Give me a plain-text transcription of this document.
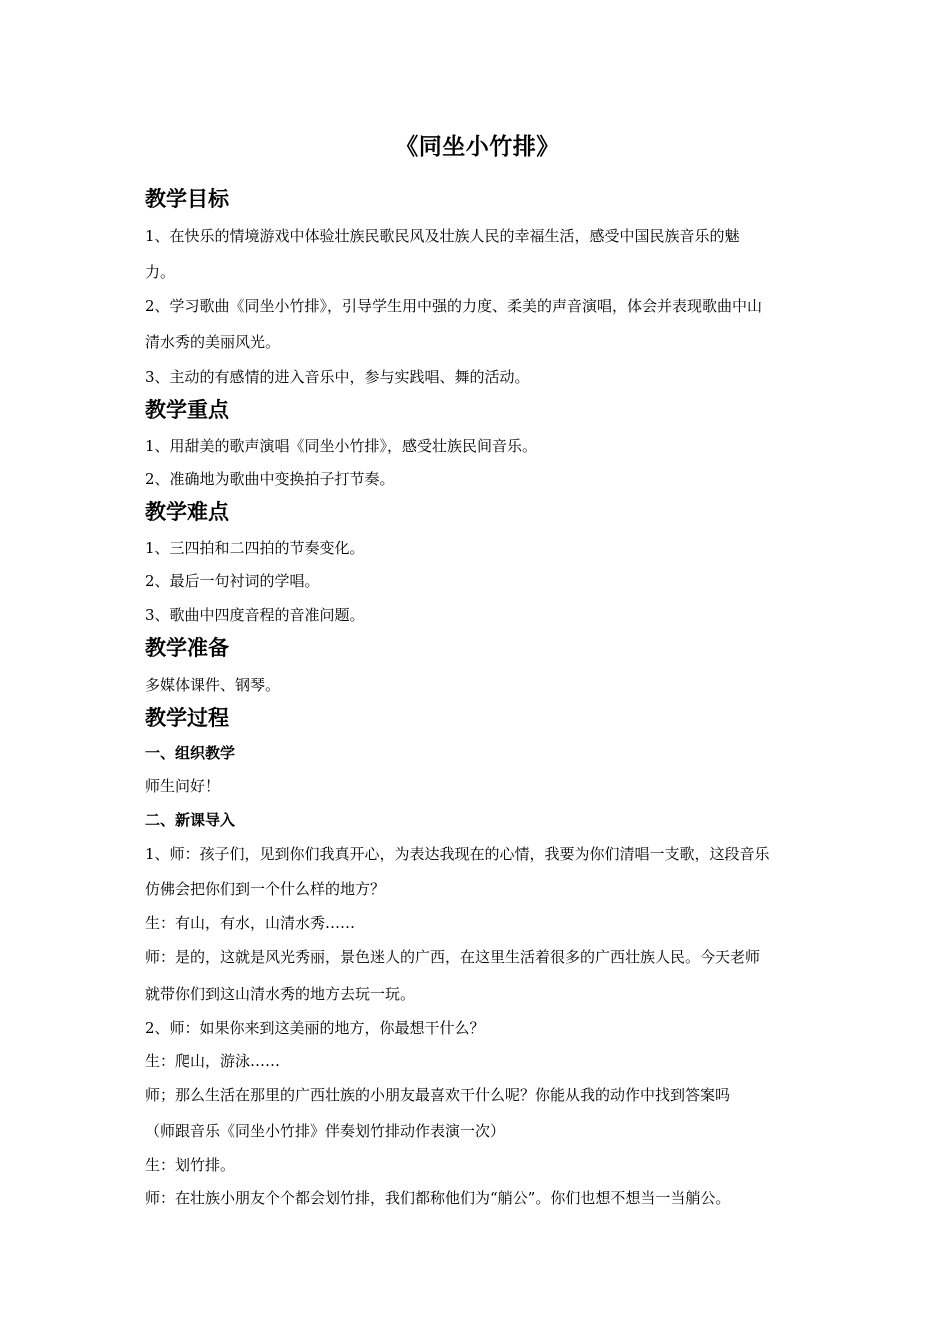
《同坐小竹排》
教学目标
1、在快乐的情境游戏中体验壮族民歌民风及壮族人民的幸福生活，感受中国民族音乐的魅
力。
2、学习歌曲《同坐小竹排》，引导学生用中强的力度、柔美的声音演唱，体会并表现歌曲中山
清水秀的美丽风光。
3、主动的有感情的进入音乐中，参与实践唱、舞的活动。
教学重点
1、用甜美的歌声演唱《同坐小竹排》，感受壮族民间音乐。
2、准确地为歌曲中变换拍子打节奏。
教学难点
1、三四拍和二四拍的节奏变化。
2、最后一句衬词的学唱。
3、歌曲中四度音程的音准问题。
教学准备
多媒体课件、钢琴。
教学过程
一、组织教学
师生问好！
二、新课导入
1、师：孩子们，见到你们我真开心，为表达我现在的心情，我要为你们清唱一支歌，这段音乐
仿佛会把你们到一个什么样的地方？
生：有山，有水，山清水秀……
师：是的，这就是风光秀丽，景色迷人的广西，在这里生活着很多的广西壮族人民。今天老师
就带你们到这山清水秀的地方去玩一玩。
2、师：如果你来到这美丽的地方，你最想干什么？
生：爬山，游泳……
师；那么生活在那里的广西壮族的小朋友最喜欢干什么呢？你能从我的动作中找到答案吗
（师跟音乐《同坐小竹排》伴奏划竹排动作表演一次）
生：划竹排。
师：在壮族小朋友个个都会划竹排，我们都称他们为“艄公”。你们也想不想当一当艄公。
